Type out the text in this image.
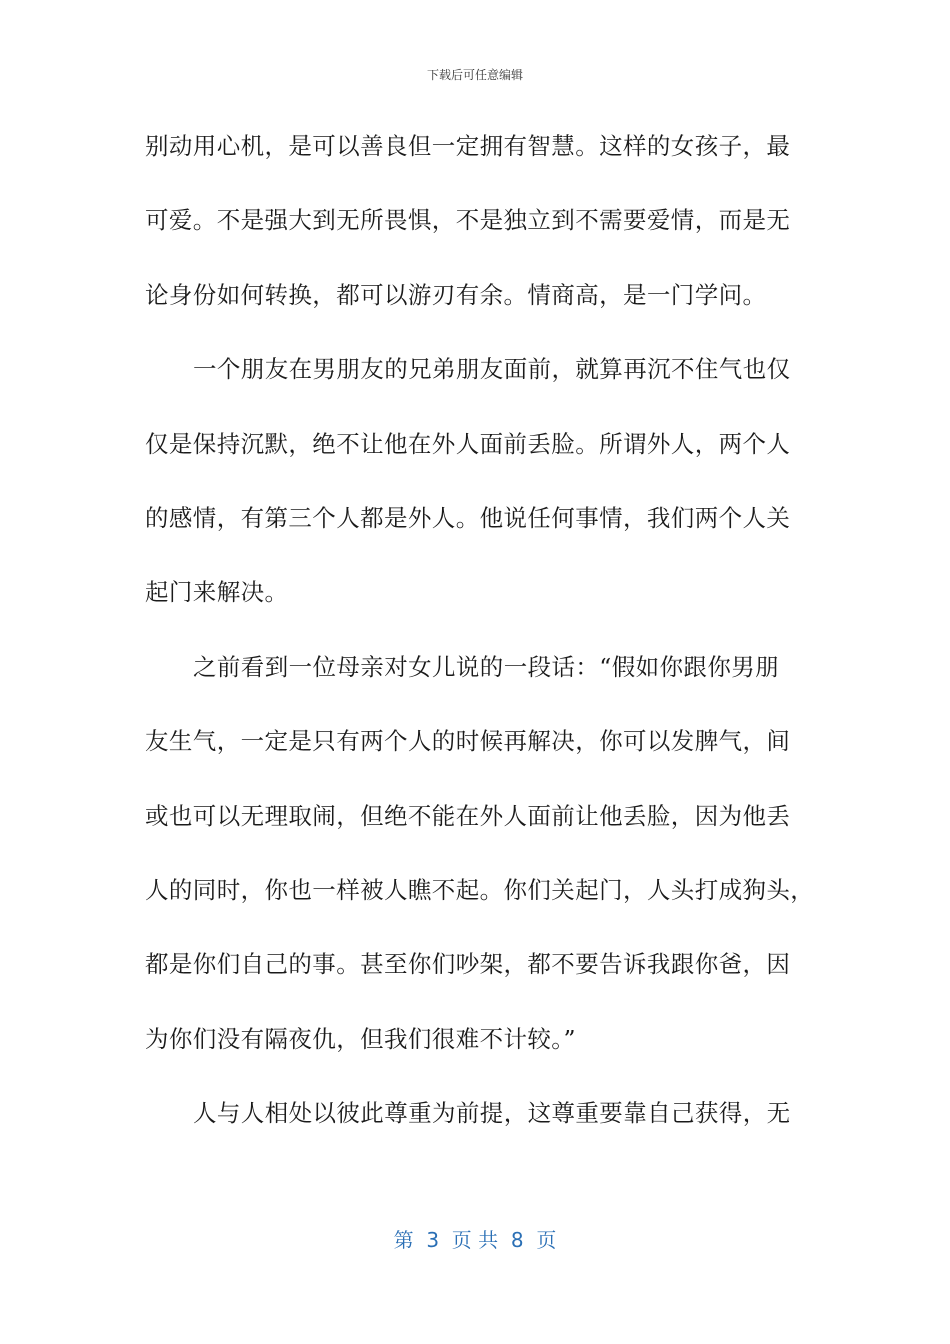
下载后可任意编辑
别动用心机，是可以善良但一定拥有智慧。这样的女孩子，最
可爱。不是强大到无所畏惧，不是独立到不需要爱情，而是无
论身份如何转换，都可以游刃有余。情商高，是一门学问。
一个朋友在男朋友的兄弟朋友面前，就算再沉不住气也仅
仅是保持沉默，绝不让他在外人面前丢脸。所谓外人，两个人
的感情，有第三个人都是外人。他说任何事情，我们两个人关
起门来解决。
之前看到一位母亲对女儿说的一段话：“假如你跟你男朋
友生气，一定是只有两个人的时候再解决，你可以发脾气，间
或也可以无理取闹，但绝不能在外人面前让他丢脸，因为他丢
人的同时，你也一样被人瞧不起。你们关起门，人头打成狗头，
都是你们自己的事。甚至你们吵架，都不要告诉我跟你爸，因
为你们没有隔夜仇，但我们很难不计较。”
人与人相处以彼此尊重为前提，这尊重要靠自己获得，无
第  3  页 共  8  页
